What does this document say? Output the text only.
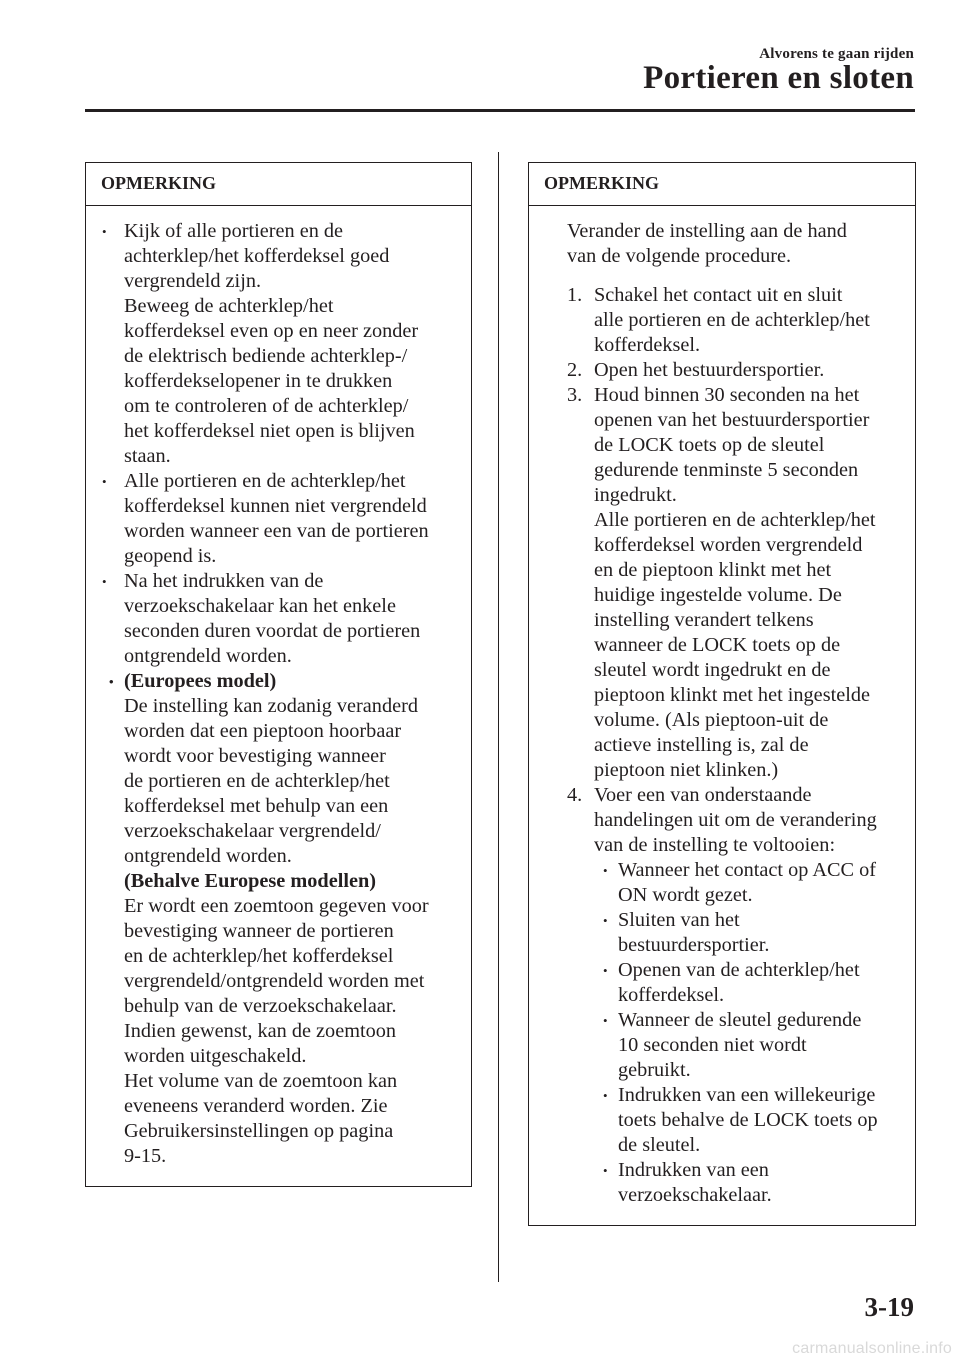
Alvorens te gaan rijden
Portieren en sloten
OPMERKING
• Kijk of alle portieren en de
achterklep/het kofferdeksel goed
vergrendeld zijn.
Beweeg de achterklep/het
kofferdeksel even op en neer zonder
de elektrisch bediende achterklep-/
kofferdekselopener in te drukken
om te controleren of de achterklep/
het kofferdeksel niet open is blijven
staan.
• Alle portieren en de achterklep/het
kofferdeksel kunnen niet vergrendeld
worden wanneer een van de portieren
geopend is.
• Na het indrukken van de
verzoekschakelaar kan het enkele
seconden duren voordat de portieren
ontgrendeld worden.
• (Europees model)
De instelling kan zodanig veranderd
worden dat een pieptoon hoorbaar
wordt voor bevestiging wanneer
de portieren en de achterklep/het
kofferdeksel met behulp van een
verzoekschakelaar vergrendeld/
ontgrendeld worden.
(Behalve Europese modellen)
Er wordt een zoemtoon gegeven voor
bevestiging wanneer de portieren
en de achterklep/het kofferdeksel
vergrendeld/ontgrendeld worden met
behulp van de verzoekschakelaar.
Indien gewenst, kan de zoemtoon
worden uitgeschakeld.
Het volume van de zoemtoon kan
eveneens veranderd worden. Zie
Gebruikersinstellingen op pagina
9-15.
OPMERKING
Verander de instelling aan de hand
van de volgende procedure.
1. Schakel het contact uit en sluit
alle portieren en de achterklep/het
kofferdeksel.
2. Open het bestuurdersportier.
3. Houd binnen 30 seconden na het
openen van het bestuurdersportier
de LOCK toets op de sleutel
gedurende tenminste 5 seconden
ingedrukt.
Alle portieren en de achterklep/het
kofferdeksel worden vergrendeld
en de pieptoon klinkt met het
huidige ingestelde volume. De
instelling verandert telkens
wanneer de LOCK toets op de
sleutel wordt ingedrukt en de
pieptoon klinkt met het ingestelde
volume. (Als pieptoon-uit de
actieve instelling is, zal de
pieptoon niet klinken.)
4. Voer een van onderstaande
handelingen uit om de verandering
van de instelling te voltooien:
• Wanneer het contact op ACC of
ON wordt gezet.
• Sluiten van het
bestuurdersportier.
• Openen van de achterklep/het
kofferdeksel.
• Wanneer de sleutel gedurende
10 seconden niet wordt
gebruikt.
• Indrukken van een willekeurige
toets behalve de LOCK toets op
de sleutel.
• Indrukken van een
verzoekschakelaar.
3-19
carmanualsonline.info
